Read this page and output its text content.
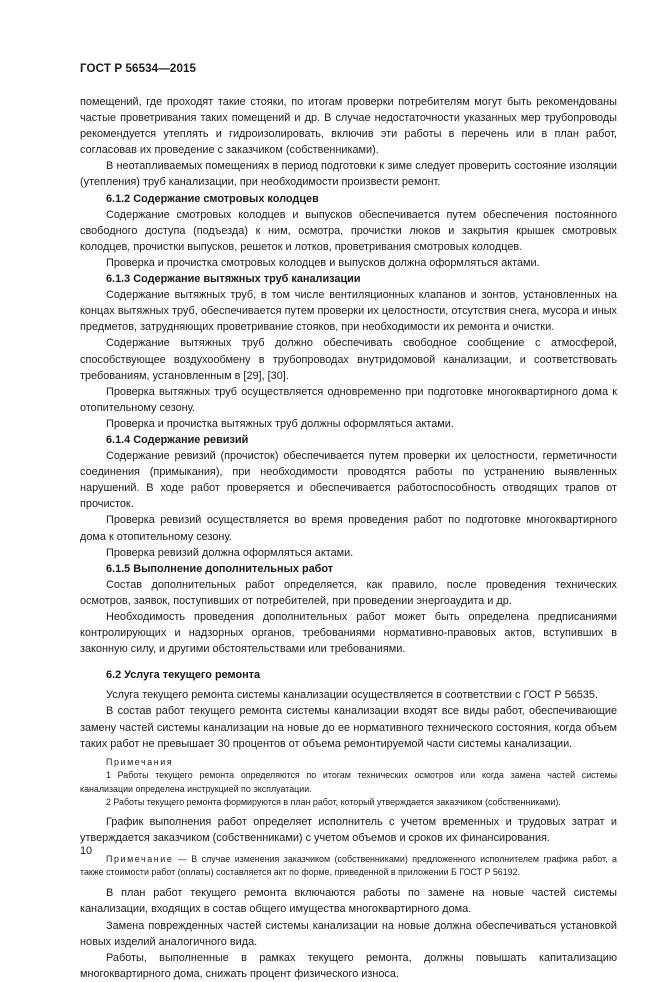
ГОСТ Р 56534—2015

помещений, где проходят такие стояки, по итогам проверки потребителям могут быть рекомендованы частые проветривания таких помещений и др. В случае недостаточности указанных мер трубопроводы рекомендуется утеплять и гидроизолировать, включив эти работы в перечень или в план работ, согласовав их проведение с заказчиком (собственниками).

В неотапливаемых помещениях в период подготовки к зиме следует проверить состояние изоляции (утепления) труб канализации, при необходимости произвести ремонт.

6.1.2 Содержание смотровых колодцев

Содержание смотровых колодцев и выпусков обеспечивается путем обеспечения постоянного свободного доступа (подъезда) к ним, осмотра, прочистки люков и закрытия крышек смотровых колодцев, прочистки выпусков, решеток и лотков, проветривания смотровых колодцев.

Проверка и прочистка смотровых колодцев и выпусков должна оформляться актами.

6.1.3 Содержание вытяжных труб канализации

Содержание вытяжных труб, в том числе вентиляционных клапанов и зонтов, установленных на концах вытяжных труб, обеспечивается путем проверки их целостности, отсутствия снега, мусора и иных предметов, затрудняющих проветривание стояков, при необходимости их ремонта и очистки.

Содержание вытяжных труб должно обеспечивать свободное сообщение с атмосферой, способствующее воздухообмену в трубопроводах внутридомовой канализации, и соответствовать требованиям, установленным в [29], [30].

Проверка вытяжных труб осуществляется одновременно при подготовке многоквартирного дома к отопительному сезону.

Проверка и прочистка вытяжных труб должны оформляться актами.

6.1.4 Содержание ревизий

Содержание ревизий (прочисток) обеспечивается путем проверки их целостности, герметичности соединения (примыкания), при необходимости проводятся работы по устранению выявленных нарушений. В ходе работ проверяется и обеспечивается работоспособность отводящих трапов от прочисток.

Проверка ревизий осуществляется во время проведения работ по подготовке многоквартирного дома к отопительному сезону.

Проверка ревизий должна оформляться актами.

6.1.5 Выполнение дополнительных работ

Состав дополнительных работ определяется, как правило, после проведения технических осмотров, заявок, поступивших от потребителей, при проведении энергоаудита и др.

Необходимость проведения дополнительных работ может быть определена предписаниями контролирующих и надзорных органов, требованиями нормативно-правовых актов, вступивших в законную силу, и другими обстоятельствами или требованиями.

6.2 Услуга текущего ремонта

Услуга текущего ремонта системы канализации осуществляется в соответствии с ГОСТ Р 56535.

В состав работ текущего ремонта системы канализации входят все виды работ, обеспечивающие замену частей системы канализации на новые до ее нормативного технического состояния, когда объем таких работ не превышает 30 процентов от объема ремонтируемой части системы канализации.

Примечания

1 Работы текущего ремонта определяются по итогам технических осмотров или когда замена частей системы канализации определена инструкцией по эксплуатации.

2 Работы текущего ремонта формируются в план работ, который утверждается заказчиком (собственниками).

График выполнения работ определяет исполнитель с учетом временных и трудовых затрат и утверждается заказчиком (собственниками) с учетом объемов и сроков их финансирования.

Примечание — В случае изменения заказчиком (собственниками) предложенного исполнителем графика работ, а также стоимости работ (оплаты) составляется акт по форме, приведенной в приложении Б ГОСТ Р 56192.

В план работ текущего ремонта включаются работы по замене на новые частей системы канализации, входящих в состав общего имущества многоквартирного дома.

Замена поврежденных частей системы канализации на новые должна обеспечиваться установкой новых изделий аналогичного вида.

Работы, выполненные в рамках текущего ремонта, должны повышать капитализацию многоквартирного дома, снижать процент физического износа.

10
